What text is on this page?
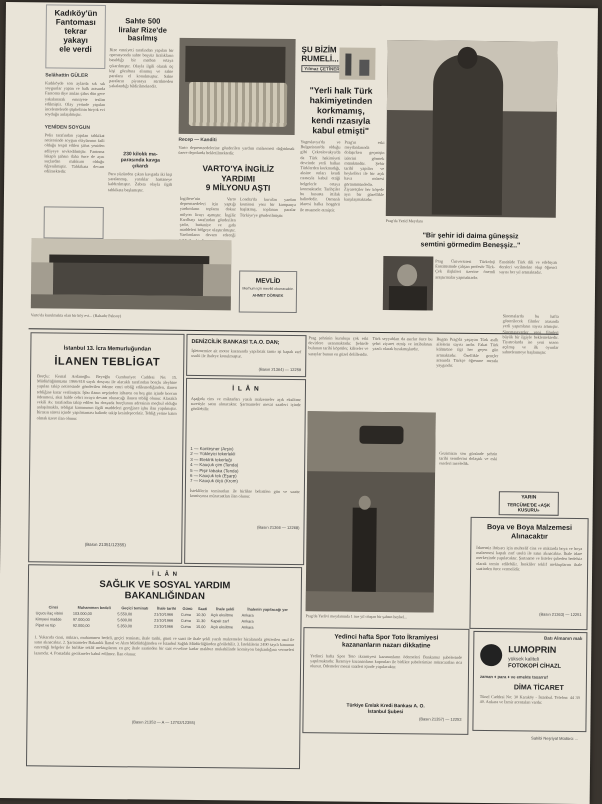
Kadıköy'ün
Fantoması
tekrar
yakayı
ele verdi
Selâhattin GÜLER
Kadıköyde son aylarda sık sık soygunlar yapan ve halk arasında Fantoma diye anılan şahıs dün gece yakalanarak emniyete teslim edilmiştir. Olay yerinde yapılan incelemelerde şüphelinin birçok evi soyduğu anlaşılmıştır.
YENİDEN SOYGUN
Polis tarafından yapılan tahkikat neticesinde soygun olaylarının faili olduğu tespit edilen şahıs yeniden adliyeye sevkedilmiştir. Fantoma lakaplı şahsın daha önce de aynı suçlardan mahkum olduğu öğrenilmiştir. Tahkikata devam edilmektedir.
Sahte 500
liralar Rize'de
basılmış
Rize emniyeti tarafından yapılan bir operasyonda sahte beşyüz liralıkların basıldığı bir matbaa ortaya çıkarılmıştır. Olayla ilgili olarak üç kişi gözaltına alınmış ve sahte paralara el konulmuştur. Sahte paraların piyasaya sürülmeden yakalandığı bildirilmektedir.
230 kilolık ma-
parasında kavga
çıkardı
Para yüzünden çıkan kavgada iki kişi yaralanmış, yaralılar hastaneye kaldırılmıştır. Zabıta olayla ilgili tahkikata başlamıştır.
Recep — Kanditi
Varto depremzedelerine gönderilen yardım malzemesi dağıtılmak üzere depolarda bekletilmektedir.
VARTO'YA İNGİLİZ
YARDIMI
9 MİLYONU AŞTI
İngiltere'nin Varto depremzedeleri için yaptığı yardımların toplamı dokuz milyon lirayı aşmıştır. İngiliz Kızılhaçı tarafından gönderilen çadır, battaniye ve gıda maddeleri bölgeye ulaştırılmıştır. Yardımların devam edeceği
Londra'da kurulan yardım komitesi yeni bir kampanya başlatmış, toplanan paralar Türkiye'ye gönderilmiştir.
MEVLİD
Merhum için mevlid okunacaktır.
AHMET DÖRNEK
Varto'da kurulmakta olan bir köy evi... (Bahadır Paksoy)
ŞU BİZİM
RUMELİ...
Yılmaz ÇETİNER
"Yerli halk Türk
hakimiyetinden
korkmamış,
kendi rızasıyla
kabul etmişti"
Prag'da Yezid Meydanı
Yugoslavya'da ve Bulgaristan'da olduğu gibi Çekoslovakya'da da Türk hakimiyeti devrinde yerli halkın Türklerden korkmadığı, aksine onları kendi rızasıyla kabul ettiği belgelerle ortaya konmaktadır. Tarihçiler bu hususta ittifak halindedir. Osmanlı idaresi halka hoşgörü ile muamele etmiştir.
Prag'ın eski meydanlarında dolaşırken geçmişin izlerini görmek mümkündür. Şehir tarihî yapıları ve heykelleri ile bir açık hava müzesi görünümündedir. Ziyaretçiler her köşede ayrı bir güzellikle karşılaşmaktadır.
"Bir şehir idi daima güneşsiz
semtini görmedim Beneşşiz.."
Prag Üniversitesi Türkoloji Enstitüsünde çalışan profesör Türk-Çek ilişkileri üzerine önemli araştırmalar yapmaktadır.
Enstitüde Türk dili ve edebiyatı dersleri verilmekte olup öğrenci sayısı her yıl artmaktadır.
İstanbul 13. İcra Memurluğundan
İLANEN TEBLİGAT
Borçlu: Kemal Ardanoğlu. Beyoğlu Cumhuriyet Caddesi No: 15. Müdürlüğümüzün 1966/418 sayılı dosyası ile alacaklı tarafından borçlu aleyhine yapılan takip neticesinde gönderilen ödeme emri tebliğ edilemediğinden, ilanen tebliğine karar verilmiştir. İşbu ilanın neşrinden itibaren on beş gün içinde borcun ödenmesi, aksi halde cebri icraya devam olunacağı ilanen tebliğ olunur. Alacaklı vekili Av. tarafından takip edilen bu dosyada borçlunun adresinin meçhul olduğu anlaşılmakla, tebligat kanununun ilgili maddeleri gereğince işbu ilan yapılmıştır. İtirazın süresi içinde yapılmaması halinde takip kesinleşecektir. Tebliğ yerine kaim olmak üzere ilan olunur.
(Basın 21351/12355)
DENİZCİLİK BANKASI T.A.O. DAN;
İşletmemize ait motor kazanında yapılacak tamir işi kapalı zarf usulü ile ihaleye konulmuştur.
(Basın 21364) — 12259
İ L Â N
Aşağıda cins ve miktarları yazılı malzemeler açık eksiltme suretiyle satın alınacaktır. Şartnameler mesai saatleri içinde görülebilir.
1 — Konteyner (Arşiv)
2 — Yükleyici tekerlekli
3 — Elektrik tekerleği
4 — Kauçuk çim (Tenda)
5 — Pişir tabaka (Tenda)
6 — Kauçuk tek (Eşarp)
7 — Kauçuk ölçü (Krom)
İsteklilerin teminatları ile birlikte belirtilen gün ve saatte komisyona müracaatları ilan olunur.
(Basın 21366 — 12268)
Prag şehrinin kuruluşu çok eski devirlere uzanmaktadır. Şehirde bulunan tarihi köprüler, kiliseler ve saraylar bunun en güzel delilleridir.
Türk seyyahları da asırlar önce bu şehri ziyaret etmiş ve intibalarını yazılı olarak bırakmışlardır.
Bugün Prag'da yaşayan Türk asıllı ailelerin sayısı azdır. Fakat Türk kültürüne ilgi her geçen gün artmaktadır. Özellikle gençler arasında Türkçe öğrenme merakı yaygındır.
Prag'da Yerlivi meydanında 1 nce yıl oluşan bir şahsın heykel...
Gezimizin son gününde şehrin tarihi semtlerini dolaştık ve eski eserleri inceledik.
Sinemalarda bu hafta gösterilecek filmler arasında yerli yapımların sayısı artmıştır. Sinemaseverler yeni filmleri büyük bir ilgiyle beklemektedir. Tiyatrolarda ise yeni sezon açılmış ve ilk oyunlar sahnelenmeye başlamıştır.
YARIN
TERCÜME'DE «AŞK KUSURU»
Boya ve Boya Malzemesi
Alınacaktır
İdaremiz ihtiyacı için muhtelif cins ve miktarda boya ve boya malzemesi kapalı zarf usulü ile satın alınacaktır. İhale idare merkezinde yapılacaktır. Şartname ve listeler şubeden bedelsiz olarak temin edilebilir. İstekliler teklif mektuplarını ihale saatinden önce vermelidir.
(Basın 21363) — 12251
İ L Â N
SAĞLIK VE SOSYAL YARDIM
BAKANLIĞINDAN
Cinsi	Muhammen bedeli	Geçici teminatı	İhale tarihi	Günü	Saati	İhale şekli	İhalenin yapılacağı yer
Uçucu ilaç vitrini	103.000,00	5.550,00	21/10/1966	Cuma	10.30	Açık eksiltme	Ankara
Kimyevi madde	97.000,00	5.600,00	21/10/1966	Cuma	11.30	Kapalı zarf	Ankara
Pipet ve tüp	92.000,00	5.350,00	21/10/1966	Cuma	15.00	Açık eksiltme	Ankara
1. Yukarıda cinsi, miktarı, muhammen bedeli, geçici teminatı, ihale tarihi, günü ve saati ile ihale şekli yazılı malzemeler hizalarında gösterilen usul ile satın alınacaktır. 2. Şartnameler Bakanlık İkmal ve Alım Müdürlüğünden ve İstanbul Sağlık Müdürlüğünden görülebilir. 3. İsteklilerin 2490 sayılı kanunun emrettiği belgeler ile birlikte teklif mektuplarını en geç ihale saatinden bir saat evveline kadar makbuz mukabilinde komisyon başkanlığına vermeleri lazımdır. 4. Postadaki gecikmeler kabul edilmez. İlan olunur.
(Basın 21353 — A — 12702/12355)
Yedinci hafta Spor Toto İkramiyesi
kazananların nazarı dikkatine
Yedinci hafta Spor Toto ikramiyesi kazananların ödemeleri Bankamız şubelerinde yapılmaktadır. İkramiye kazananların kuponları ile birlikte şubelerimize müracaatları rica olunur. Ödemeler mesai saatleri içinde yapılacaktır.
Türkiye Emlak Kredi Bankası A. O.
İstanbul Şubesi
(Basın 21357) — 12253
Batı Almanın malı
LUMOPRIN
yüksek kaliteli
FOTOKOPİ CİHAZL
zaman ♦ para ♦ ve emekte tasarruf
DİMA TİCARET
Tünel Caddesi No: 30 Karaköy - İstanbul. Telefon: 44 39 40. Ankara ve İzmir acentaları vardır.
Sahibi Neşriyat Müdürü: ...
